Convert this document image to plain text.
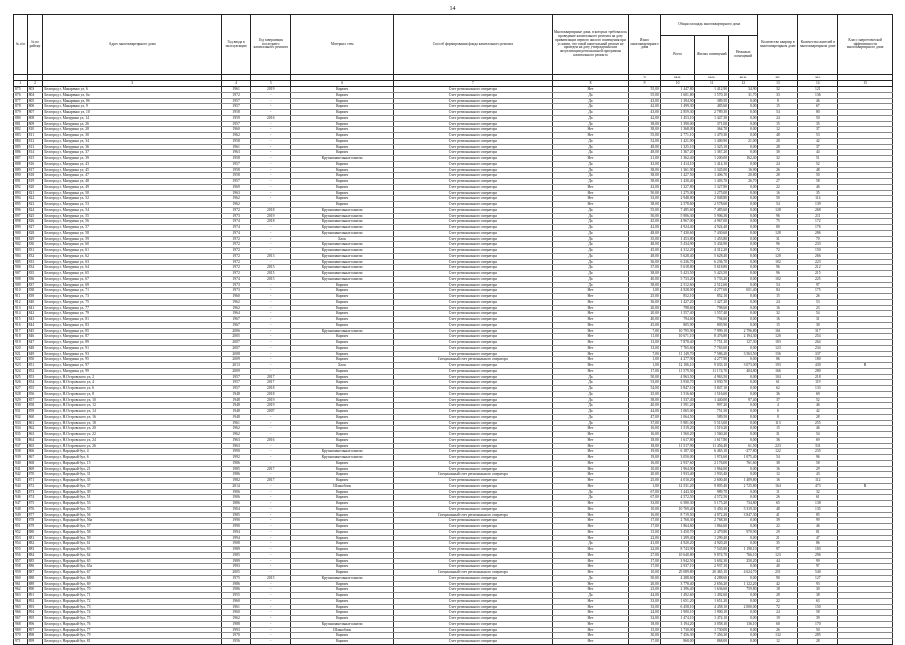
14
№ п/п	№ по району	Адрес многоквартирного дома	Год ввода в эксплуатацию	Год завершения последнего капитального ремонта	Материал стен	Способ формирования фонда капитального ремонта	Многоквартирные дома, в которых требовалось проведение капитального ремонта на дату приватизации первого жилого помещения при условии, что такой капитальный ремонт не проведен на дату утверждения или актуализации региональной программы капитального ремонта	Износ многоквартирного дома	Общая площадь многоквартирного дома			Количество квартир в многоквартирном доме	Количество жителей в многоквартирном доме	Класс энергетической эффективности многоквартирного дома
									Всего	Жилых помещений	Нежилых помещений			
								%	кв.м.	кв.м.	кв.м.	шт.	чел.	
1	2	3	4	5	6	7	8	9	10	11	12	13	14	15
875	803	Белгород г, Макаренко ул, 6	1961	2019	Кирпич	Счет регионального оператора	Нет	55,00	1 447,80	1 412,90	34,90	32	121	
876	804	Белгород г, Макаренко ул, 6а	1972	-	Кирпич	Счет регионального оператора	Да	55,00	1 601,80	1 570,10	31,70	33	136	
877	805	Белгород г, Макаренко ул, 8б	1957	-	Кирпич	Счет регионального оператора	Да	43,00	1 394,90	389,50	0,00	8	46	
878	806	Белгород г, Макаренко ул, 9	1957	-	Кирпич	Счет регионального оператора	Да	42,00	1 499,30	485,60	0,00	15	67	
879	807	Белгород г, Макаренко ул, 10	1958	-	Кирпич	Счет регионального оператора	Да	43,00	2 859,30	2 789,30	0,00	54	80	
880	808	Белгород г, Мичурина ул, 14	1959	2016	Кирпич	Счет регионального оператора	Да	42,00	1 453,10	1 447,30	0,00	24	50	
881	809	Белгород г, Мичурина ул, 26	1957	-	Кирпич	Счет регионального оператора	Да	38,00	1 390,00	371,00	0,00	15	35	
882	810	Белгород г, Мичурина ул, 28	1960	-	Кирпич	Счет регионального оператора	Нет	38,00	1 368,00	364,70	0,00	12	37	
883	811	Белгород г, Мичурина ул, 30	1962	-	Кирпич	Счет регионального оператора	Нет	55,00	2 771,10	1 479,30	0,00	48	53	
884	812	Белгород г, Мичурина ул, 34	1958	-	Кирпич	Счет регионального оператора	Да	52,00	1 421,90	1 400,90	21,00	20	42	
885	813	Белгород г, Мичурина ул, 36	1961	-	Кирпич	Счет регионального оператора	Да	48,00	1 325,10	1 325,10	0,00	28	37	
886	814	Белгород г, Мичурина ул, 37	1963	-	Кирпич	Счет регионального оператора	Да	48,00	1 367,20	1 367,20	0,00	30	44	
887	815	Белгород г, Мичурина ул, 39	1958	-	Крупнопанельные панели	Счет регионального оператора	Нет	21,00	1 362,40	1 200,00	162,40	32	51	
888	816	Белгород г, Мичурина ул, 43	1957	-	Кирпич	Счет регионального оператора	Да	43,00	1 414,10	1 414,10	0,00	24	52	
889	817	Белгород г, Мичурина ул, 45	1958	-	Кирпич	Счет регионального оператора	Да	38,00	1 361,90	1 345,00	16,90	26	48	
890	818	Белгород г, Мичурина ул, 47	1958	-	Кирпич	Счет регионального оператора	Да	38,00	1 427,50	1 406,70	20,80	28	50	
891	819	Белгород г, Мичурина ул, 48	1957	-	Кирпич	Счет регионального оператора	Да	38,00	1 430,40	1 403,70	26,70	27	58	
892	820	Белгород г, Мичурина ул, 49	1969	-	Кирпич	Счет регионального оператора	Нет	42,00	1 327,80	1 327,80	0,00	22	46	
893	821	Белгород г, Мичурина ул, 50	1963	-	Кирпич	Счет регионального оператора	Нет	50,00	1 275,00	1 275,00	0,00	16	35	
894	822	Белгород г, Мичурина ул, 52	1962	-	Кирпич	Счет регионального оператора	Нет	33,00	2 948,80	2 948,80	0,00	50	114	
895	823	Белгород г, Мичурина ул, 53	1962	-	Кирпич	Счет регионального оператора	Нет	38,00	2 578,60	2 578,60	0,00	54	139	
896	824	Белгород г, Мичурина ул, 54	1972	2018	Крупнопанельные панели	Счет регионального оператора	Да	55,00	7 485,60	7 485,60	0,00	128	268	
897	825	Белгород г, Мичурина ул, 55	1973	2019	Крупнопанельные панели	Счет регионального оператора	Да	50,00	5 906,30	5 906,30	0,00	96	211	
898	826	Белгород г, Мичурина ул, 56	1974	2018	Крупнопанельные панели	Счет регионального оператора	Да	45,00	4 967,00	4 967,00	0,00	75	172	
899	827	Белгород г, Мичурина ул, 57	1974	-	Крупнопанельные панели	Счет регионального оператора	Да	42,00	4 924,40	4 924,40	0,00	80	176	
900	828	Белгород г, Мичурина ул, 58	1974	-	Крупнопанельные панели	Счет регионального оператора	Да	48,00	7 430,60	7 430,60	0,00	128	286	
901	829	Белгород г, Мичурина ул, 59	1972	-	Блок	Счет регионального оператора	Да	35,00	1 453,80	1 453,80	0,00	31	70	
902	830	Белгород г, Мичурина ул, 60	1972	-	Крупнопанельные панели	Счет регионального оператора	Да	48,00	5 434,90	5 434,90	0,00	96	233	
903	831	Белгород г, Мичурина ул, 61	1972	-	Крупнопанельные панели	Счет регионального оператора	Да	45,00	4 312,20	4 312,20	0,00	72	150	
904	832	Белгород г, Мичурина ул, 62	1972	2013	Крупнопанельные панели	Счет регионального оператора	Да	48,00	5 628,40	5 628,40	0,00	120	266	
905	833	Белгород г, Мичурина ул, 63	1972	-	Крупнопанельные панели	Счет регионального оператора	Да	36,00	6 236,70	6 236,70	0,00	102	223	
906	834	Белгород г, Мичурина ул, 64	1972	2015	Крупнопанельные панели	Счет регионального оператора	Да	37,00	5 618,80	5 618,80	0,00	96	212	
907	835	Белгород г, Мичурина ул, 65	1972	2015	Крупнопанельные панели	Счет регионального оператора	Да	38,00	5 423,50	5 423,50	0,00	96	215	
908	836	Белгород г, Мичурина ул, 67	1974	2015	Крупнопанельные панели	Счет регионального оператора	Да	40,00	5 733,20	5 733,20	0,00	102	225	
909	837	Белгород г, Мичурина ул, 69	1973	-	Кирпич	Счет регионального оператора	Да	38,00	2 512,60	2 512,60	0,00	54	97	
910	838	Белгород г, Мичурина ул, 71	1973	-	Кирпич	Счет регионального оператора	Нет	1,00	4 928,00	4 277,60	651,40	84	175	
911	839	Белгород г, Мичурина ул, 73	1960	-	Кирпич	Счет регионального оператора	Нет	25,00	852,10	852,10	0,00	15	26	
912	840	Белгород г, Мичурина ул, 75	1962	-	Кирпич	Счет регионального оператора	Нет	36,00	1 427,20	1 427,20	0,00	24	53	
913	841	Белгород г, Мичурина ул, 77	1962	-	Кирпич	Счет регионального оператора	Нет	20,00	798,60	798,60	0,00	16	23	
914	842	Белгород г, Мичурина ул, 79	1964	-	Кирпич	Счет регионального оператора	Нет	20,00	1 557,40	1 557,40	0,00	32	54	
915	843	Белгород г, Мичурина ул, 81	1967	-	Кирпич	Счет регионального оператора	Нет	40,00	794,60	794,60	0,00	16	31	
916	844	Белгород г, Мичурина ул, 83	1967	-	Кирпич	Счет регионального оператора	Нет	45,00	805,90	805,90	0,00	15	30	
917	845	Белгород г, Мичурина ул, 85	2006	-	Крупнопанельные панели	Счет регионального оператора	Нет	7,00	10 795,90	7 999,10	2 796,80	161	317	
918	846	Белгород г, Мичурина ул, 87	2005	-	Кирпич	Счет регионального оператора	Нет	11,00	10 671,10	8 476,80	2 194,30	120	254	
919	847	Белгород г, Мичурина ул, 89	2007	-	Кирпич	Счет регионального оператора	Нет	13,00	7 878,40	7 751,10	127,30	183	264	
920	848	Белгород г, Мичурина ул, 91	2007	-	Кирпич	Счет регионального оператора	Нет	13,00	7 765,60	7 765,60	0,00	123	234	
921	849	Белгород г, Мичурина ул, 93	2008	-	Кирпич	Счет регионального оператора	Нет	7,00	11 149,70	7 586,20	3 563,50	156	337	
922	850	Белгород г, Мичурина ул, 95	2009	-	Кирпич	Специальный счет регионального оператора	Нет	1,00	4 277,90	4 277,90	0,00	86	180	
923	851	Белгород г, Мичурина ул, 97	2013	-	Блок	Счет регионального оператора	Нет	1,00	12 106,10	9 033,10	3 073,00	193	430	В
924	852	Белгород г, Мичурина ул, 99	2009	-	Кирпич	Счет регионального оператора	Нет	17,00	11 579,50	11 174,70	404,80	166	280	
925	853	Белгород г, Н.Островского ул, 2	1957	2017	Кирпич	Счет регионального оператора	Да	50,00	4 963,50	4 963,50	0,00	104	218	
926	854	Белгород г, Н.Островского ул, 4	1957	2017	Кирпич	Счет регионального оператора	Да	53,00	3 930,70	3 930,70	0,00	61	119	
927	855	Белгород г, Н.Островского ул, 6	1957	2018	Кирпич	Счет регионального оператора	Да	54,00	3 847,10	3 847,10	0,00	62	133	
928	856	Белгород г, Н.Островского ул, 8	1948	2018	Кирпич	Счет регионального оператора	Да	25,00	1 516,60	1 516,60	0,00	36	69	
929	857	Белгород г, Н.Островского ул, 10	1948	2019	Кирпич	Счет регионального оператора	Да	38,00	1 537,40	1 440,00	97,40	37	52	
930	858	Белгород г, Н.Островского ул, 12	1948	2019	Кирпич	Счет регионального оператора	Да	40,00	1 591,20	997,20	0,00	4	46	
931	859	Белгород г, Н.Островского ул, 14	1948	2007	Кирпич	Счет регионального оператора	Да	44,00	1 065,00	751,50	0,00	6	42	
932	860	Белгород г, Н.Островского ул, 16	1948	-	Кирпич	Счет регионального оператора	Да	47,00	1 064,50	589,50	0,00	8	28	
933	861	Белгород г, Н.Островского ул, 18	1961	-	Кирпич	Счет регионального оператора	Да	37,00	5 981,00	5 513,00	0,00	113	255	
934	862	Белгород г, Н.Островского ул, 20	1962	-	Кирпич	Счет регионального оператора	Нет	16,00	1 519,20	1 519,20	0,00	15	46	
935	863	Белгород г, Н.Островского ул, 22	1962	-	Кирпич	Счет регионального оператора	Нет	16,00	1 560,20	1 560,20	0,00	31	54	
936	864	Белгород г, Н.Островского ул, 24	1963	2016	Кирпич	Счет регионального оператора	Нет	18,00	1 617,80	1 617,80	0,00	36	69	
937	865	Белгород г, Н.Островского ул, 26	1963	-	Кирпич	Счет регионального оператора	Нет	18,00	11 517,90	11 456,40	61,50	223	331	
938	866	Белгород г, Народный бул, 4	1990	-	Крупнопанельные панели	Счет регионального оператора	Нет	19,00	6 187,30	6 465,10	-277,80	122	235	
939	867	Белгород г, Народный бул, 6	1992	-	Крупнопанельные панели	Счет регионального оператора	Нет	19,00	3 050,00	1 974,60	1 075,40	54	96	
940	868	Белгород г, Народный бул, 15	1986	-	Кирпич	Счет регионального оператора	Нет	16,00	2 937,60	2 176,00	761,60	38	58	
941	869	Белгород г, Народный бул, 21	1985	2017	Кирпич	Счет регионального оператора	Нет	10,00	1 964,00	1 964,00	0,00	16	29	
942	870	Белгород г, Народный бул, 31	1986	-	Кирпич	Специальный счет регионального оператора	Нет	20,00	1 933,40	1 933,40	0,00	12	43	
943	871	Белгород г, Народный бул, 35	1982	2017	Кирпич	Счет регионального оператора	Нет	25,00	4 010,20	2 600,40	1 409,80	16	112	
944	872	Белгород г, Народный бул, 37	2014	-	Шлакоблок	Счет регионального оператора	Нет	1,00	12 531,20	9 805,40	2 725,80	164	473	В
945	873	Белгород г, Народный бул, 39	1906	-	Кирпич	Счет регионального оператора	Да	67,00	1 443,30	989,70	0,00	11	32	
946	874	Белгород г, Народный бул, 51	1906	-	Кирпич	Счет регионального оператора	Да	67,00	4 572,50	4 572,50	0,00	26	61	
947	875	Белгород г, Народный бул, 53	1886	-	Кирпич	Счет регионального оператора	Нет	33,00	6 580,30	5 175,20	734,80	65	138	
948	876	Белгород г, Народный бул, 55	1904	-	Кирпич	Счет регионального оператора	Нет	10,00	10 769,40	5 450,10	5 319,30	48	135	
949	877	Белгород г, Народный бул, 56	1985	-	Кирпич	Специальный счет регионального оператора	Нет	16,00	8 719,50	4 872,20	3 847,30	41	85	
950	878	Белгород г, Народный бул, 56а	1990	-	Кирпич	Счет регионального оператора	Нет	17,00	2 768,30	2 768,30	0,00	39	99	
951	879	Белгород г, Народный бул, 57	1990	-	Кирпич	Счет регионального оператора	Нет	17,00	1 864,60	1 864,60	0,00	22	46	
952	880	Белгород г, Народный бул, 58	1994	-	Кирпич	Счет регионального оператора	Нет	15,00	3 450,70	2 479,80	970,90	29	81	
953	881	Белгород г, Народный бул, 59	1994	-	Кирпич	Счет регионального оператора	Нет	22,00	1 299,40	1 299,40	0,00	21	47	
954	882	Белгород г, Народный бул, 61	1908	-	Кирпич	Счет регионального оператора	Да	41,00	4 920,20	4 920,20	0,00	35	86	
955	883	Белгород г, Народный бул, 63	1989	-	Кирпич	Счет регионального оператора	Нет	22,00	8 743,90	7 545,80	1 198,10	97	183	
956	884	Белгород г, Народный бул, 64	1985	-	Кирпич	Счет регионального оператора	Нет	27,00	10 640,80	9 874,70	766,10	123	296	
957	885	Белгород г, Народный бул, 65	1989	-	Кирпич	Счет регионального оператора	Нет	17,00	3 942,50	3 692,30	250,20	44	99	
958	886	Белгород г, Народный бул, 65а	1993	-	Кирпич	Счет регионального оператора	Нет	17,00	2 937,10	2 937,10	0,00	40	97	
959	887	Белгород г, Народный бул, 67	2005	-	Кирпич	Специальный счет регионального оператора	Нет	10,00	25 089,80	20 465,10	4 624,70	251	540	
960	888	Белгород г, Народный бул, 68	1975	2015	Крупнопанельные панели	Счет регионального оператора	Да	50,00	4 288,60	4 288,60	0,00	90	127	
961	889	Белгород г, Народный бул, 69	1986	-	Кирпич	Счет регионального оператора	Нет	20,00	3 778,40	2 656,20	1 122,20	42	93	
962	890	Белгород г, Народный бул, 70	1986	-	Кирпич	Счет регионального оператора	Нет	23,00	2 396,40	1 636,60	759,80	18	30	
963	891	Белгород г, Народный бул, 71	1955	-	Кирпич	Счет регионального оператора	Да	44,00	1 492,60	1 492,60	0,00	28	38	
964	892	Белгород г, Народный бул, 72	1960	-	Кирпич	Счет регионального оператора	Нет	33,00	1 651,20	1 651,20	0,00	22	63	
965	893	Белгород г, Народный бул, 73	1961	-	Кирпич	Счет регионального оператора	Нет	33,00	6 458,10	4 458,10	2 000,00	72	150	
966	894	Белгород г, Народный бул, 74	1960	-	Кирпич	Счет регионального оператора	Нет	24,00	1 900,10	1 900,10	0,00	24	58	
967	895	Белгород г, Народный бул, 75	1962	-	Кирпич	Счет регионального оператора	Нет	32,00	1 474,10	1 474,10	0,00	19	39	
968	896	Белгород г, Народный бул, 76	1988	-	Крупнопанельные панели	Счет регионального оператора	Нет	18,00	3 194,20	3 058,10	136,10	60	170	
969	897	Белгород г, Народный бул, 77	1993	-	Шлакоблок	Счет регионального оператора	Нет	15,00	1 730,00	1 730,00	0,00	26	50	
970	898	Белгород г, Народный бул, 79	1970	-	Кирпич	Счет регионального оператора	Нет	30,00	7 456,30	7 456,30	0,00	132	285	
971	899	Белгород г, Народный бул, 81	1956	-	Кирпич	Счет регионального оператора	Нет	17,00	868,00	868,00	0,00	12	28	
